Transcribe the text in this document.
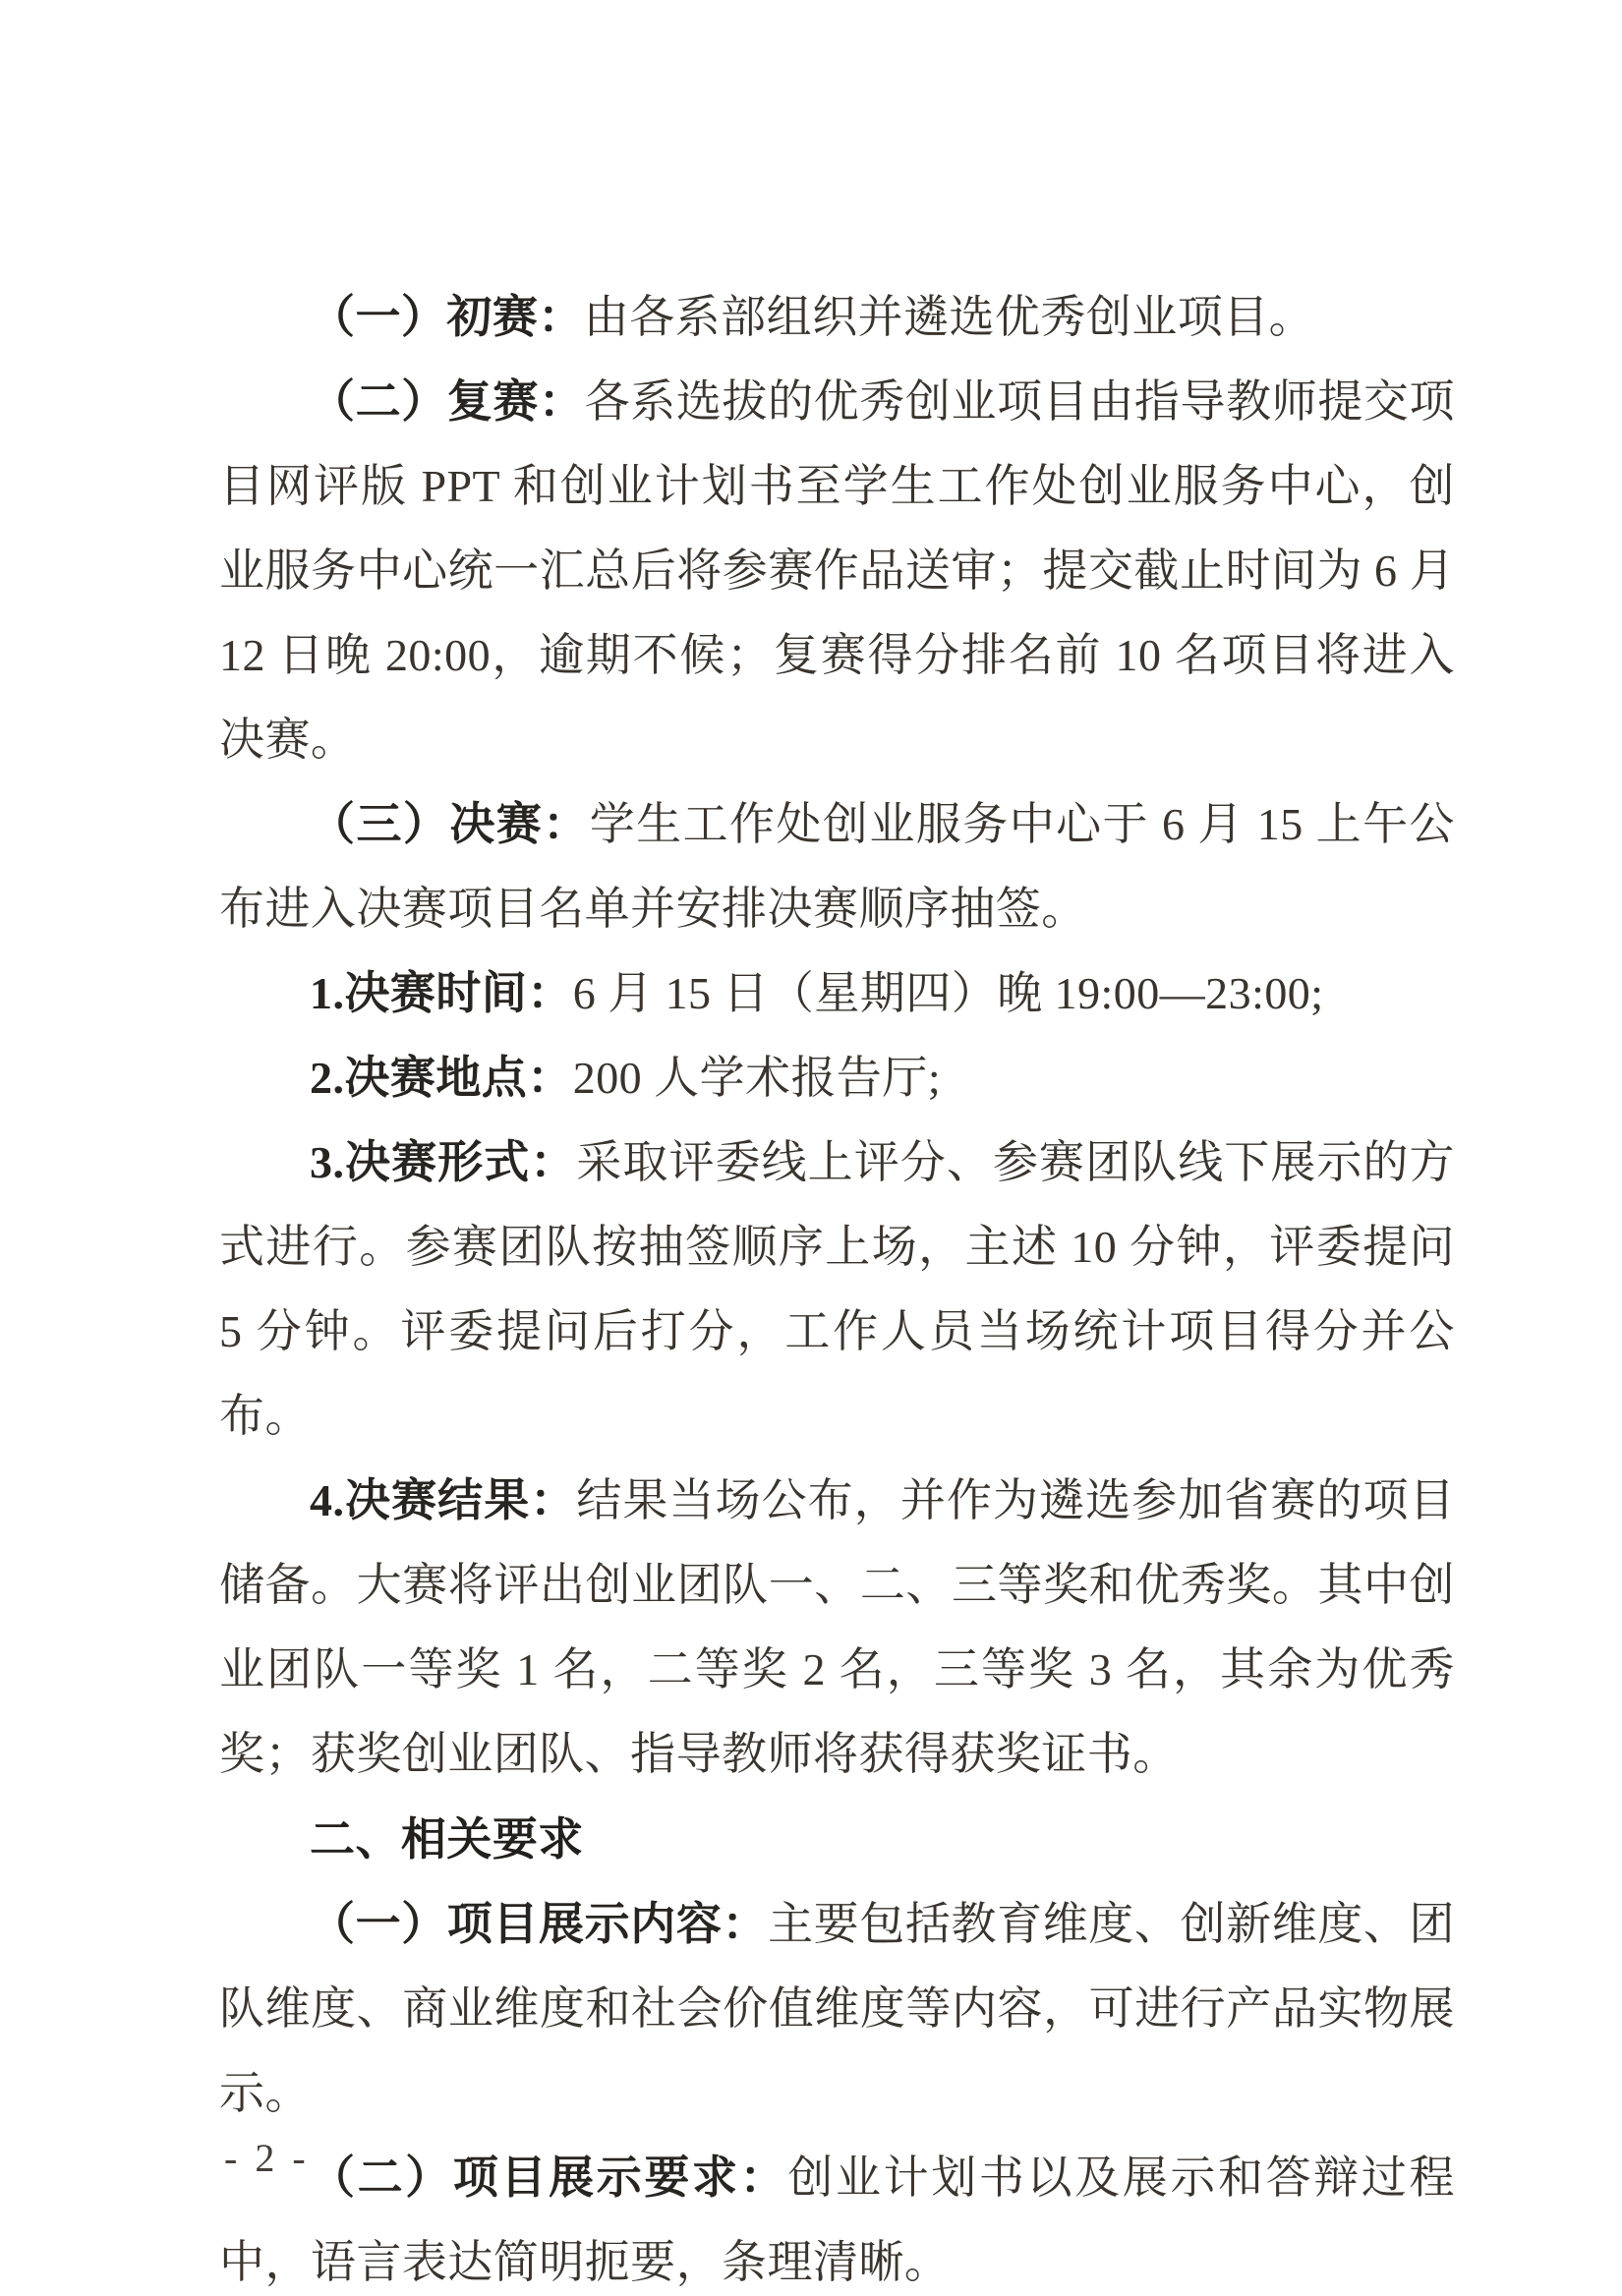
（一）初赛：由各系部组织并遴选优秀创业项目。

（二）复赛：各系选拔的优秀创业项目由指导教师提交项目网评版 PPT 和创业计划书至学生工作处创业服务中心，创业服务中心统一汇总后将参赛作品送审；提交截止时间为 6 月 12 日晚 20:00，逾期不候；复赛得分排名前 10 名项目将进入决赛。

（三）决赛：学生工作处创业服务中心于 6 月 15 上午公布进入决赛项目名单并安排决赛顺序抽签。

1.决赛时间：6 月 15 日（星期四）晚 19:00—23:00;

2.决赛地点：200 人学术报告厅;

3.决赛形式：采取评委线上评分、参赛团队线下展示的方式进行。参赛团队按抽签顺序上场，主述 10 分钟，评委提问 5 分钟。评委提问后打分，工作人员当场统计项目得分并公布。

4.决赛结果：结果当场公布，并作为遴选参加省赛的项目储备。大赛将评出创业团队一、二、三等奖和优秀奖。其中创业团队一等奖 1 名，二等奖 2 名，三等奖 3 名，其余为优秀奖；获奖创业团队、指导教师将获得获奖证书。

二、相关要求

（一）项目展示内容：主要包括教育维度、创新维度、团队维度、商业维度和社会价值维度等内容，可进行产品实物展示。

（二）项目展示要求：创业计划书以及展示和答辩过程中，语言表达简明扼要，条理清晰。

- 2 -
